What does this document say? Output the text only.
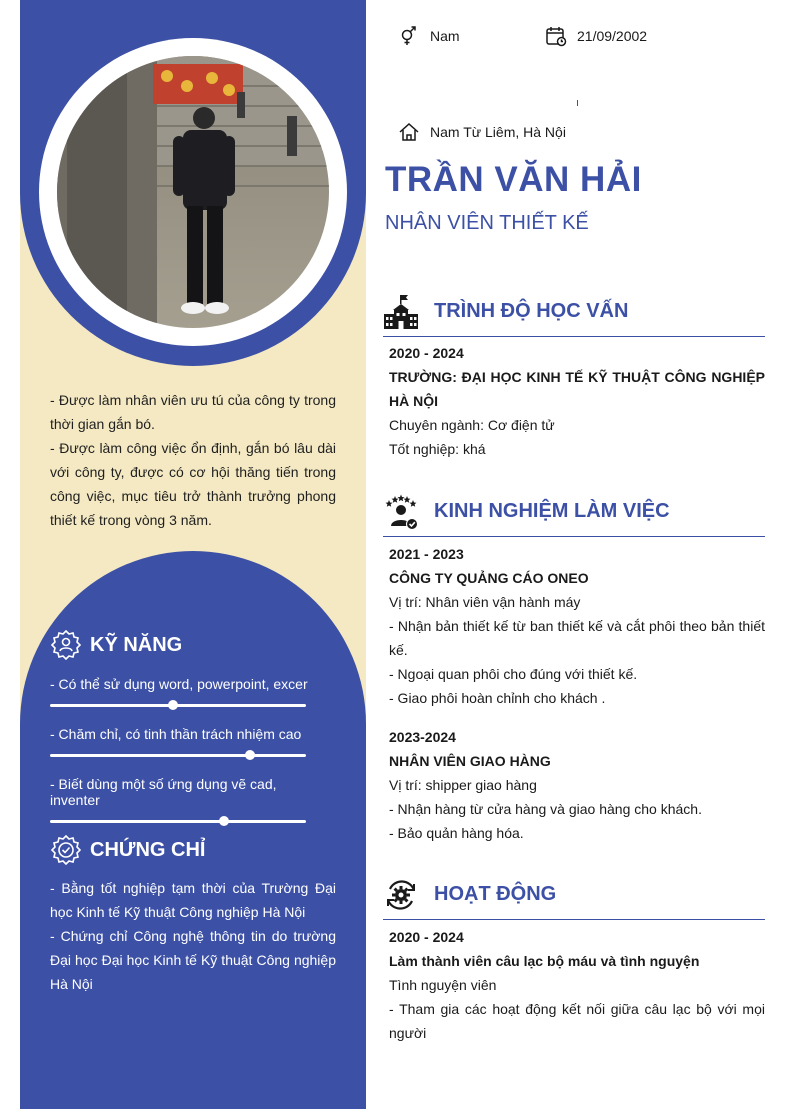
- Được làm nhân viên ưu tú của công ty trong thời gian gắn bó.

- Được làm công việc ổn định, gắn bó lâu dài với công ty, được có cơ hội thăng tiến trong công việc, mục tiêu trở thành trưởng phong thiết kế trong vòng 3 năm.

KỸ NĂNG
- Có thể sử dụng word, powerpoint, excer
- Chăm chỉ, có tinh thần trách nhiệm cao
- Biết dùng một số ứng dụng vẽ cad, inventer
CHỨNG CHỈ

- Bằng tốt nghiệp tạm thời của Trường Đại học Kinh tế Kỹ thuật Công nghiệp Hà Nội

- Chứng chỉ Công nghệ thông tin do trường Đại học Đại học Kinh tế Kỹ thuật Công nghiệp Hà Nội

Nam	21/09/2002
Nam Từ Liêm, Hà Nội
TRẦN VĂN HẢI
NHÂN VIÊN THIẾT KẾ
TRÌNH ĐỘ HỌC VẤN

2020 - 2024

TRƯỜNG: ĐẠI HỌC KINH TẾ KỸ THUẬT CÔNG NGHIỆP HÀ NỘI

Chuyên ngành: Cơ điện tử

Tốt nghiệp: khá

KINH NGHIỆM LÀM VIỆC

2021 - 2023

CÔNG TY QUẢNG CÁO ONEO

Vị trí: Nhân viên vận hành máy

- Nhận bản thiết kế từ ban thiết kế và cắt phôi theo bản thiết kế.

- Ngoại quan phôi cho đúng với thiết kế.

- Giao phôi hoàn chỉnh cho khách .

2023-2024

NHÂN VIÊN GIAO HÀNG

Vị trí: shipper giao hàng

- Nhận hàng từ cửa hàng và giao hàng cho khách.

- Bảo quản hàng hóa.

HOẠT ĐỘNG

2020 - 2024

Làm thành viên câu lạc bộ máu và tình nguyện

Tình nguyện viên

- Tham gia các hoạt động kết nối giữa câu lạc bộ với mọi người
